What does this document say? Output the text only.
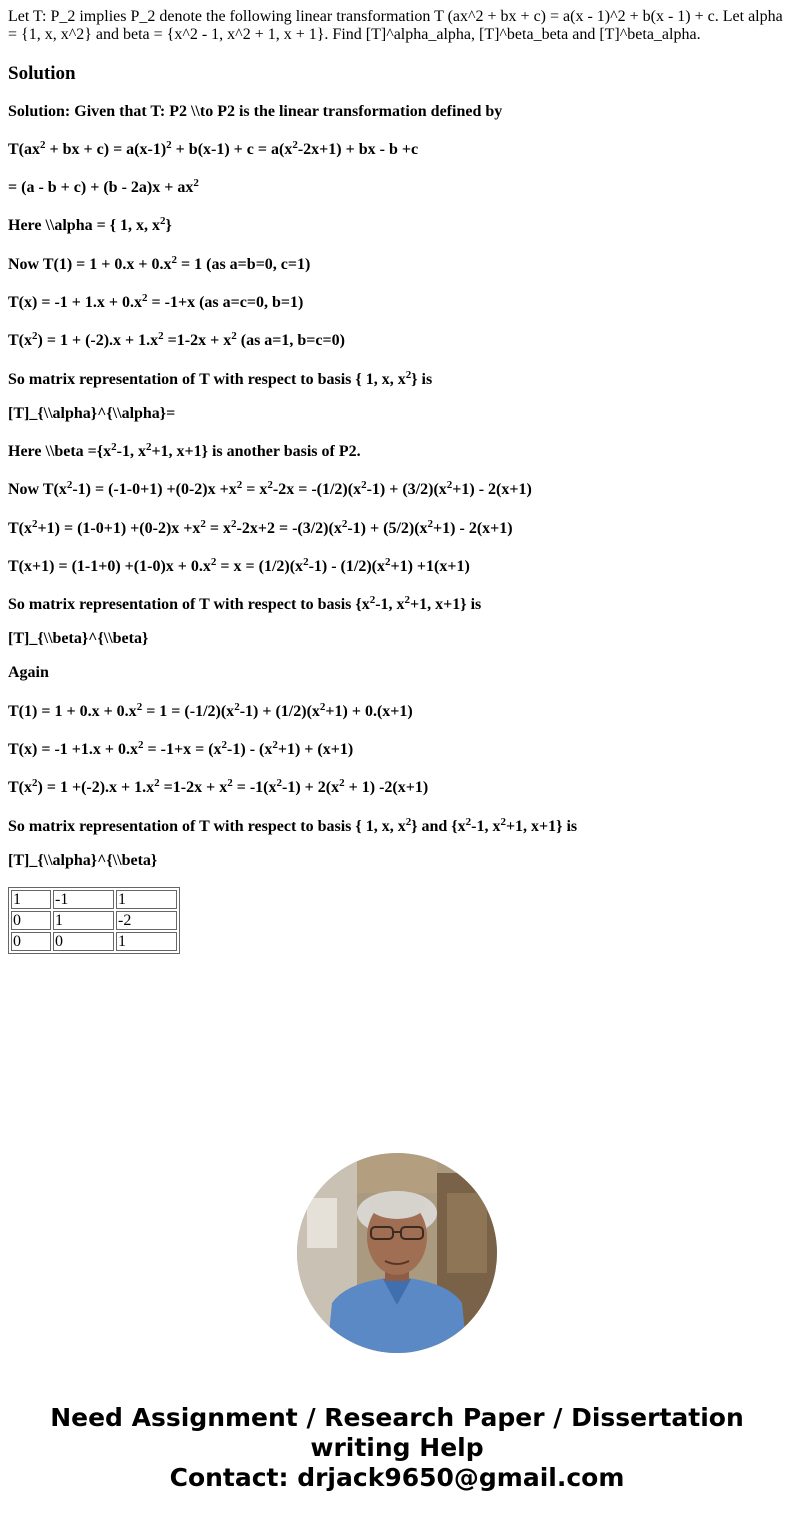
Let T: P_2 implies P_2 denote the following linear transformation T (ax^2 + bx + c) = a(x - 1)^2 + b(x - 1) + c. Let alpha = {1, x, x^2} and beta = {x^2 - 1, x^2 + 1, x + 1}. Find [T]^alpha_alpha, [T]^beta_beta and [T]^beta_alpha.

Solution

Solution: Given that T: P2 \\to P2 is the linear transformation defined by

$T(ax^2$ + bx + $c) = a(x-1)^2 + b(x-1) + c = a(x^2-2x+1)$ + bx - b +c

= $(a - b + c) + (b - 2a)x + ax^2$

Here \\alpha = { 1, x, $x^2$}

Now $T(1) = 1 + 0.x + 0.x^2 = 1$ (as a=b=0, c=1)

$T(x) = -1 + 1.x + 0.x^2 = -1+x$ (as a=c=0, b=1)

$T(x^2) = 1 + (-2).x + 1.x^2 =1-2x + x^2$ (as a=1, b=c=0)

So matrix representation of T with respect to basis { 1, x, $x^2$} is

[T]_{\\alpha}^{\\alpha}=

Here \\beta $=\{x^2-1$, $x^2+1$, x+1} is another basis of P2.

Now $T(x^2-1) = (-1-0+1) +(0-2)x +x^2 = x^2-2x = -(1/2)(x^2-1) + (3/2)(x^2+1) - 2(x+1)$

$T(x^2+1) = (1-0+1) +(0-2)x +x^2 = x^2-2x+2 = -(3/2)(x^2-1) + (5/2)(x^2+1) - 2(x+1)$

$T(x+1) = (1-1+0) +(1-0)x + 0.x^2 = x = (1/2)(x^2-1) - (1/2)(x^2+1) +1(x+1)$

So matrix representation of T with respect to basis {$x^2-1$, $x^2+1$, x+1} is

[T]_{\\beta}^{\\beta}

Again

$T(1) = 1 + 0.x + 0.x^2 = 1 = (-1/2)(x^2-1) + (1/2)(x^2+1) + 0.(x+1)$

$T(x) = -1 +1.x + 0.x^2 = -1+x = (x^2-1) - (x^2+1) + (x+1)$

$T(x^2) = 1 +(-2).x + 1.x^2 =1-2x + x^2 = -1(x^2-1) + 2(x^2 + 1)$ -2(x+1)

So matrix representation of T with respect to basis { 1, x, $x^2$} and {$x^2-1$, $x^2+1$, x+1} is

[T]_{\\alpha}^{\\beta}

1	-1	1
0	1	-2
0	0	1
Need Assignment / Research Paper / Dissertation
writing Help
Contact: drjack9650@gmail.com
